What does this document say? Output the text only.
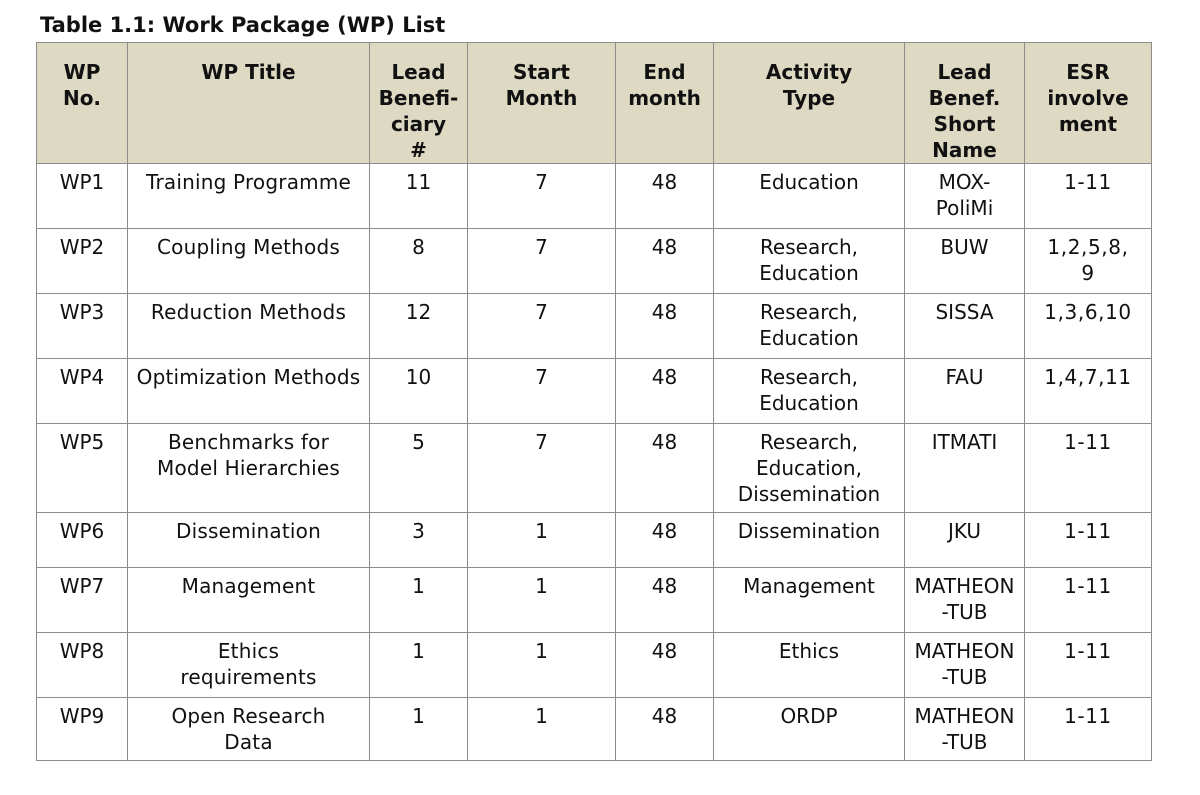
Table 1.1: Work Package (WP) List
WP
No.	WP Title	Lead
Benefi-
ciary
#	Start
Month	End
month	Activity
Type	Lead
Benef.
Short
Name	ESR
involve
ment
WP1	Training Programme	11	7	48	Education	MOX-
PoliMi	1-11
WP2	Coupling Methods	8	7	48	Research,
Education	BUW	1,2,5,8,
9
WP3	Reduction Methods	12	7	48	Research,
Education	SISSA	1,3,6,10
WP4	Optimization Methods	10	7	48	Research,
Education	FAU	1,4,7,11
WP5	Benchmarks for
Model Hierarchies	5	7	48	Research,
Education,
Dissemination	ITMATI	1-11
WP6	Dissemination	3	1	48	Dissemination	JKU	1-11
WP7	Management	1	1	48	Management	MATHEON
-TUB	1-11
WP8	Ethics
requirements	1	1	48	Ethics	MATHEON
-TUB	1-11
WP9	Open Research
Data	1	1	48	ORDP	MATHEON
-TUB	1-11
